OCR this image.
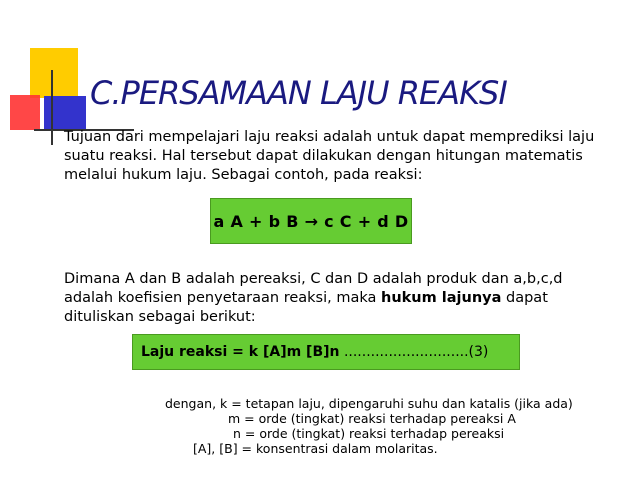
C.PERSAMAAN LAJU REAKSI

Tujuan dari mempelajari laju reaksi adalah untuk dapat memprediksi laju suatu reaksi. Hal tersebut dapat dilakukan dengan hitungan matematis melalui hukum laju. Sebagai contoh, pada reaksi:

a A + b B → c C + d D

Dimana A dan B adalah pereaksi, C dan D adalah produk dan a,b,c,d adalah koefisien penyetaraan reaksi, maka hukum lajunya dapat dituliskan sebagai berikut:

Laju reaksi = k [A]m [B]n ............................(3)
dengan, k = tetapan laju, dipengaruhi suhu dan katalis (jika ada)
m = orde (tingkat) reaksi terhadap pereaksi A
n = orde (tingkat) reaksi terhadap pereaksi
[A], [B] = konsentrasi dalam molaritas.
